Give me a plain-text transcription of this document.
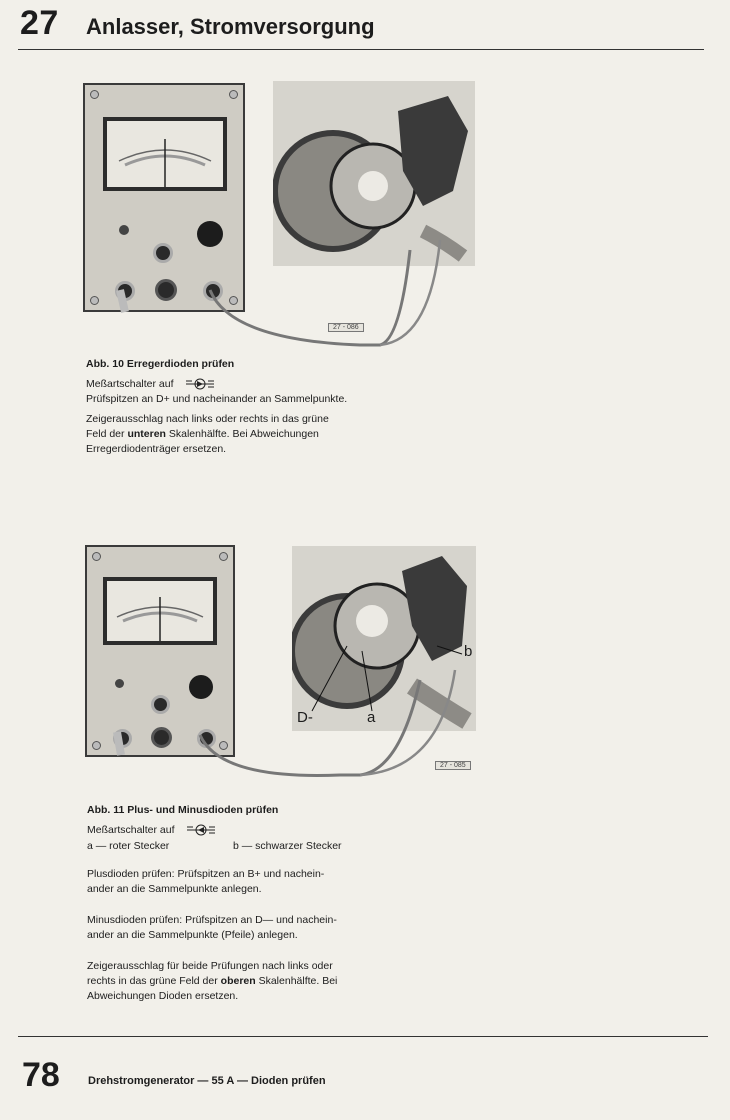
27 Anlasser, Stromversorgung
27 - 086
Abb. 10 Erregerdioden prüfen
Meßartschalter auf
Prüfspitzen an D+ und nacheinander an Sammelpunkte.
Zeigerausschlag nach links oder rechts in das grüne
Feld der unteren Skalenhälfte. Bei Abweichungen
Erregerdiodenträger ersetzen.
b
D-	a
27 - 085
Abb. 11 Plus- und Minusdioden prüfen
Meßartschalter auf
a — roter Stecker	b — schwarzer Stecker
Plusdioden prüfen: Prüfspitzen an B+ und nachein-
ander an die Sammelpunkte anlegen.
Minusdioden prüfen: Prüfspitzen an D— und nachein-
ander an die Sammelpunkte (Pfeile) anlegen.
Zeigerausschlag für beide Prüfungen nach links oder
rechts in das grüne Feld der oberen Skalenhälfte. Bei
Abweichungen Dioden ersetzen.
78	Drehstromgenerator — 55 A — Dioden prüfen
